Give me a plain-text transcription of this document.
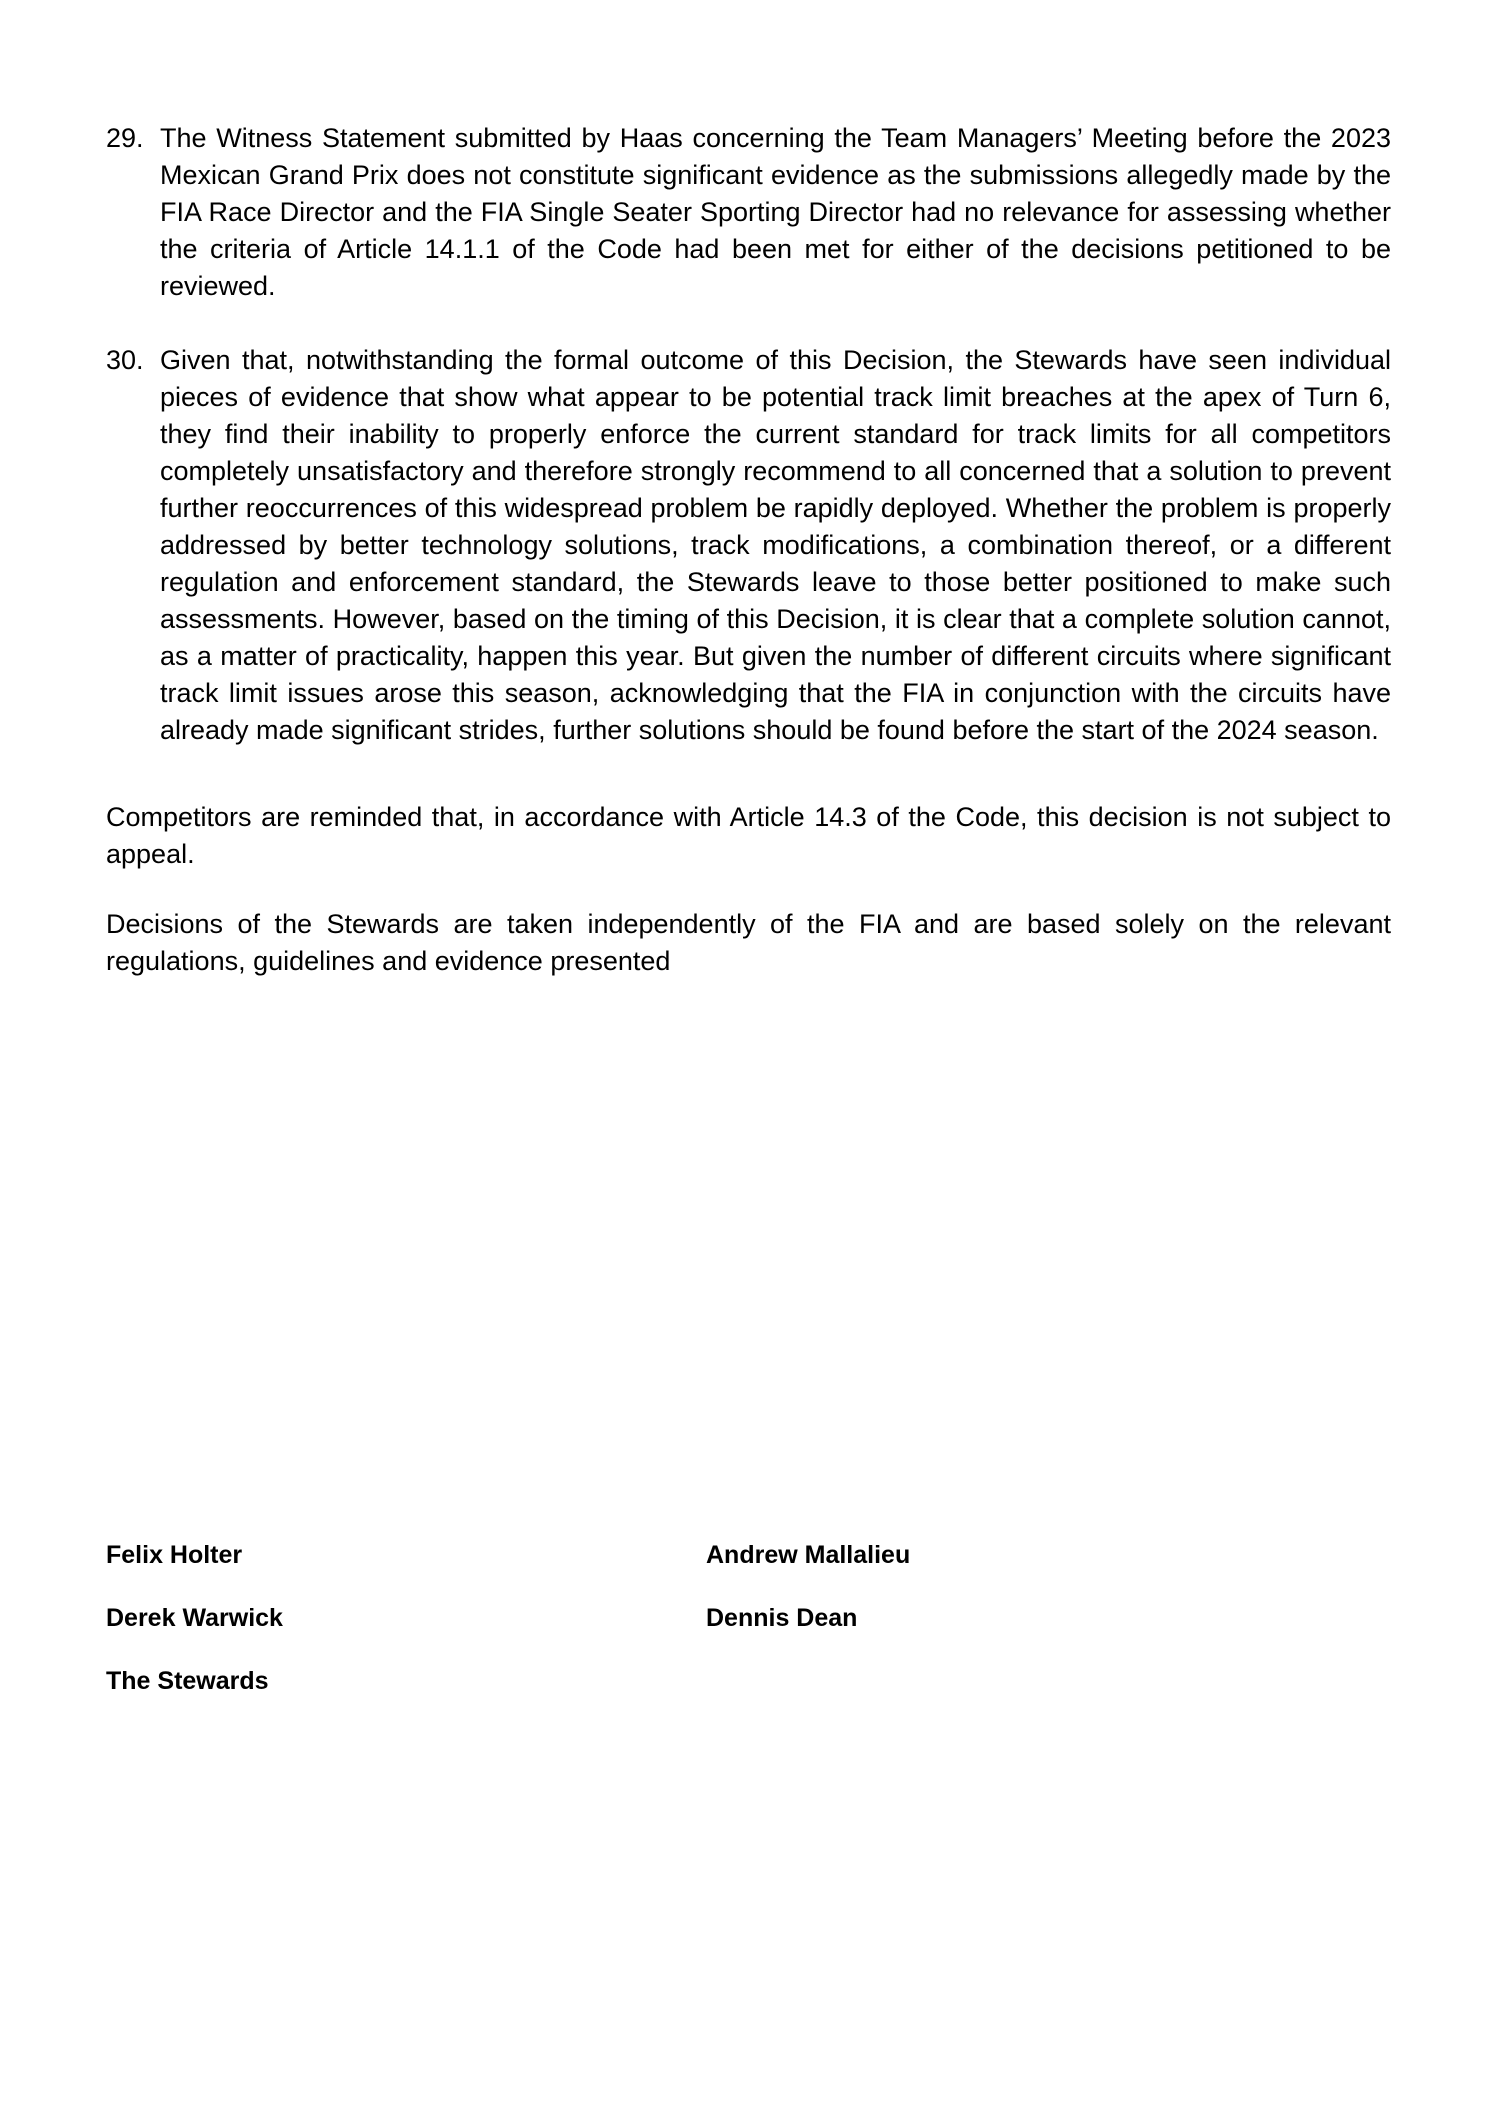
29. The Witness Statement submitted by Haas concerning the Team Managers’ Meeting before the 2023 Mexican Grand Prix does not constitute significant evidence as the submissions allegedly made by the FIA Race Director and the FIA Single Seater Sporting Director had no relevance for assessing whether the criteria of Article 14.1.1 of the Code had been met for either of the decisions petitioned to be reviewed.
30. Given that, notwithstanding the formal outcome of this Decision, the Stewards have seen individual pieces of evidence that show what appear to be potential track limit breaches at the apex of Turn 6, they find their inability to properly enforce the current standard for track limits for all competitors completely unsatisfactory and therefore strongly recommend to all concerned that a solution to prevent further reoccurrences of this widespread problem be rapidly deployed. Whether the problem is properly addressed by better technology solutions, track modifications, a combination thereof, or a different regulation and enforcement standard, the Stewards leave to those better positioned to make such assessments. However, based on the timing of this Decision, it is clear that a complete solution cannot, as a matter of practicality, happen this year. But given the number of different circuits where significant track limit issues arose this season, acknowledging that the FIA in conjunction with the circuits have already made significant strides, further solutions should be found before the start of the 2024 season.
Competitors are reminded that, in accordance with Article 14.3 of the Code, this decision is not subject to appeal.
Decisions of the Stewards are taken independently of the FIA and are based solely on the relevant regulations, guidelines and evidence presented
Felix Holter	Andrew Mallalieu
Derek Warwick	Dennis Dean
The Stewards
